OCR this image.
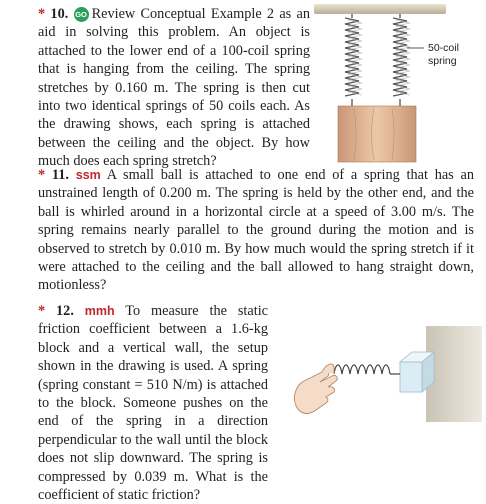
* 10. GO Review Conceptual Example 2 as an aid in solving this problem. An object is attached to the lower end of a 100-coil spring that is hanging from the ceiling. The spring stretches by 0.160 m. The spring is then cut into two identical springs of 50 coils each. As the drawing shows, each spring is attached between the ceiling and the object. By how much does each spring stretch?
50-coil
spring
* 11. ssm A small ball is attached to one end of a spring that has an unstrained length of 0.200 m. The spring is held by the other end, and the ball is whirled around in a horizontal circle at a speed of 3.00 m/s. The spring remains nearly parallel to the ground during the motion and is observed to stretch by 0.010 m. By how much would the spring stretch if it were attached to the ceiling and the ball allowed to hang straight down, motionless?
* 12. mmh To measure the static friction coefficient between a 1.6-kg block and a vertical wall, the setup shown in the drawing is used. A spring (spring constant = 510 N/m) is attached to the block. Someone pushes on the end of the spring in a direction perpendicular to the wall until the block does not slip downward. The spring is compressed by 0.039 m. What is the coefficient of static friction?
